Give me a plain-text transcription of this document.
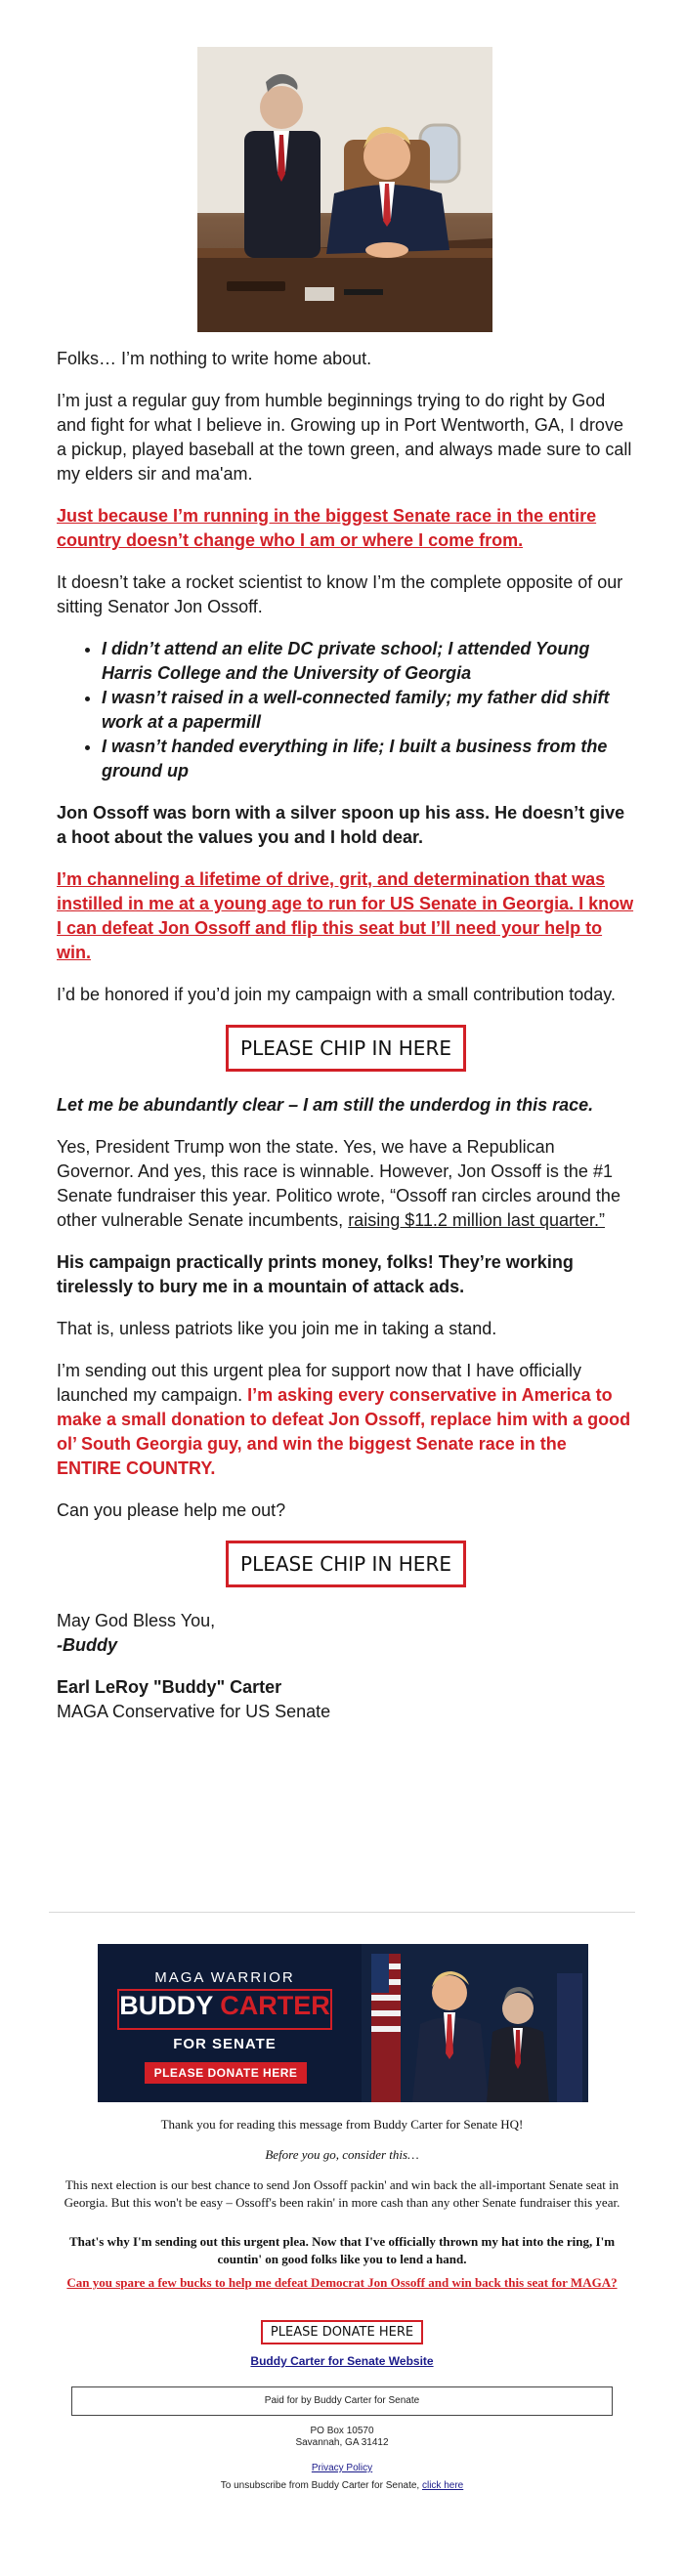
Folks… I’m nothing to write home about.

I’m just a regular guy from humble beginnings trying to do right by God and fight for what I believe in. Growing up in Port Wentworth, GA, I drove a pickup, played baseball at the town green, and always made sure to call my elders sir and ma'am.

Just because I’m running in the biggest Senate race in the entire country doesn’t change who I am or where I come from.

It doesn’t take a rocket scientist to know I’m the complete opposite of our sitting Senator Jon Ossoff.

• I didn’t attend an elite DC private school; I attended Young Harris College and the University of Georgia
• I wasn’t raised in a well-connected family; my father did shift work at a papermill
• I wasn’t handed everything in life; I built a business from the ground up

Jon Ossoff was born with a silver spoon up his ass. He doesn’t give a hoot about the values you and I hold dear.

I’m channeling a lifetime of drive, grit, and determination that was instilled in me at a young age to run for US Senate in Georgia. I know I can defeat Jon Ossoff and flip this seat but I’ll need your help to win.

I’d be honored if you’d join my campaign with a small contribution today.

PLEASE CHIP IN HERE

Let me be abundantly clear – I am still the underdog in this race.

Yes, President Trump won the state. Yes, we have a Republican Governor. And yes, this race is winnable. However, Jon Ossoff is the #1 Senate fundraiser this year. Politico wrote, “Ossoff ran circles around the other vulnerable Senate incumbents, raising $11.2 million last quarter.”

His campaign practically prints money, folks! They’re working tirelessly to bury me in a mountain of attack ads.

That is, unless patriots like you join me in taking a stand.

I’m sending out this urgent plea for support now that I have officially launched my campaign. I’m asking every conservative in America to make a small donation to defeat Jon Ossoff, replace him with a good ol’ South Georgia guy, and win the biggest Senate race in the ENTIRE COUNTRY.

Can you please help me out?

PLEASE CHIP IN HERE
May God Bless You,
-Buddy
Earl LeRoy "Buddy" Carter
MAGA Conservative for US Senate
MAGA WARRIOR
BUDDY CARTER
FOR SENATE
PLEASE DONATE HERE
Thank you for reading this message from Buddy Carter for Senate HQ!
Before you go, consider this…
This next election is our best chance to send Jon Ossoff packin' and win back the all-important Senate seat in Georgia. But this won't be easy – Ossoff's been rakin' in more cash than any other Senate fundraiser this year.
That's why I'm sending out this urgent plea. Now that I've officially thrown my hat into the ring, I'm countin' on good folks like you to lend a hand.
Can you spare a few bucks to help me defeat Democrat Jon Ossoff and win back this seat for MAGA?
PLEASE DONATE HERE
Buddy Carter for Senate Website
Paid for by Buddy Carter for Senate
PO Box 10570
Savannah, GA 31412
Privacy Policy
To unsubscribe from Buddy Carter for Senate, click here
